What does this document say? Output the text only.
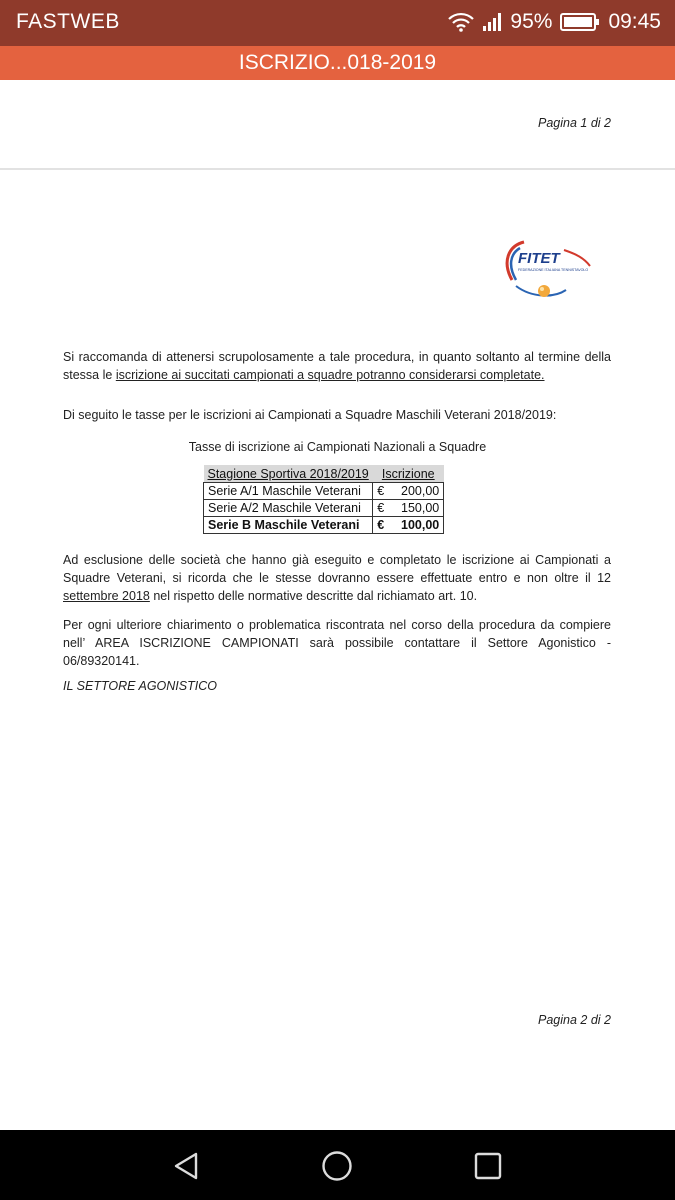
FASTWEB	95%	09:45
ISCRIZIO...018-2019
Pagina 1 di 2
FITET
FEDERAZIONE ITALIANA TENNISTAVOLO
Si raccomanda di attenersi scrupolosamente a tale procedura, in quanto soltanto al termine della stessa le iscrizione ai succitati campionati a squadre potranno considerarsi completate.
Di seguito le tasse per le iscrizioni ai Campionati a Squadre Maschili Veterani 2018/2019:
Tasse di iscrizione ai Campionati Nazionali a Squadre
Stagione Sportiva 2018/2019	Iscrizione	
Serie A/1 Maschile Veterani	€	200,00
Serie A/2 Maschile Veterani	€	150,00
Serie B Maschile Veterani	€	100,00
Ad esclusione delle società che hanno già eseguito e completato le iscrizione ai Campionati a Squadre Veterani, si ricorda che le stesse dovranno essere effettuate entro e non oltre il 12 settembre 2018 nel rispetto delle normative descritte dal richiamato art. 10.
Per ogni ulteriore chiarimento o problematica riscontrata nel corso della procedura da compiere nell’ AREA ISCRIZIONE CAMPIONATI sarà possibile contattare il Settore Agonistico - 06/89320141.
IL SETTORE AGONISTICO
Pagina 2 di 2
